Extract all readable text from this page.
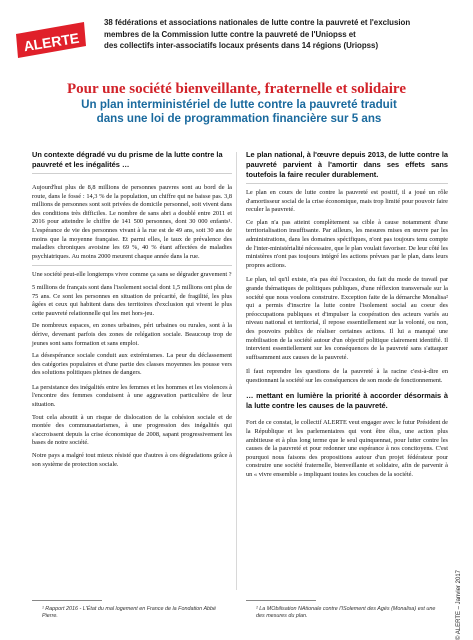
ALERTE
38 fédérations et associations nationales de lutte contre la pauvreté et l'exclusion
membres de la Commission lutte contre la pauvreté de l'Uniopss et
des collectifs inter-associatifs locaux présents dans 14 régions (Uriopss)
Pour une société bienveillante, fraternelle et solidaire
Un plan interministériel de lutte contre la pauvreté traduit
dans une loi de programmation financière sur 5 ans
Un contexte dégradé vu du prisme de la lutte contre la pauvreté et les inégalités …

Aujourd'hui plus de 8,8 millions de personnes pauvres sont au bord de la route, dans le fossé : 14,3 % de la population, un chiffre qui ne baisse pas. 3,8 millions de personnes sont soit privées de domicile personnel, soit vivent dans des conditions très difficiles. Le nombre de sans abri a doublé entre 2011 et 2016 pour atteindre le chiffre de 141 500 personnes, dont 30 000 enfants¹. L'espérance de vie des personnes vivant à la rue est de 49 ans, soit 30 ans de moins que la moyenne française. Et parmi elles, le taux de prévalence des maladies chroniques avoisine les 69 %, 40 % étant affectées de maladies psychiatriques. Au moins 2000 meurent chaque année dans la rue.

Une société peut-elle longtemps vivre comme ça sans se dégrader gravement ?

5 millions de français sont dans l'isolement social dont 1,5 millions ont plus de 75 ans. Ce sont les personnes en situation de précarité, de fragilité, les plus âgées et ceux qui habitent dans des territoires d'exclusion qui vivent le plus cette pauvreté relationnelle qui les met hors-jeu.

De nombreux espaces, en zones urbaines, péri urbaines ou rurales, sont à la dérive, devenant parfois des zones de relégation sociale. Beaucoup trop de jeunes sont sans formation et sans emploi.

La désespérance sociale conduit aux extrémismes. La peur du déclassement des catégories populaires et d'une partie des classes moyennes les pousse vers des solutions politiques pleines de dangers.

La persistance des inégalités entre les femmes et les hommes et les violences à l'encontre des femmes conduisent à une aggravation particulière de leur situation.

Tout cela aboutit à un risque de dislocation de la cohésion sociale et de montée des communautarismes, à une progression des inégalités qui s'accroissent depuis la crise économique de 2008, sapant progressivement les bases de notre société.

Notre pays a malgré tout mieux résisté que d'autres à ces dégradations grâce à son système de protection sociale.

Le plan national, à l'œuvre depuis 2013, de lutte contre la pauvreté parvient à l'amortir dans ses effets sans toutefois la faire reculer durablement.

Le plan en cours de lutte contre la pauvreté est positif, il a joué un rôle d'amortisseur social de la crise économique, mais trop limité pour pouvoir faire reculer la pauvreté.

Ce plan n'a pas atteint complètement sa cible à cause notamment d'une territorialisation insuffisante. Par ailleurs, les mesures mises en œuvre par les administrations, dans les domaines spécifiques, n'ont pas toujours tenu compte de l'inter-ministérialité nécessaire, que le plan voulait favoriser. De leur côté les ministères n'ont pas toujours intégré les actions prévues par le plan, dans leurs propres actions.

Le plan, tel qu'il existe, n'a pas été l'occasion, du fait du mode de travail par grande thématiques de politiques publiques, d'une réflexion transversale sur la société que nous voulons construire. Exception faite de la démarche Monalisa² qui a permis d'inscrire la lutte contre l'isolement social au coeur des préoccupations publiques et d'impulser la coopération des acteurs variés au niveau national et territorial, il repose essentiellement sur la volonté, ou non, des pouvoirs publics de réaliser certaines actions. Il lui a manqué une mobilisation de la société autour d'un objectif politique clairement identifié. Il intervient essentiellement sur les conséquences de la pauvreté sans s'attaquer suffisamment aux causes de la pauvreté.

Il faut reprendre les questions de la pauvreté à la racine c'est-à-dire en questionnant la société sur les conséquences de son mode de fonctionnement.

… mettant en lumière la priorité à accorder désormais à la lutte contre les causes de la pauvreté.

Fort de ce constat, le collectif ALERTE veut engager avec le futur Président de la République et les parlementaires qui vont être élus, une action plus ambitieuse et à plus long terme que le seul quinquennat, pour lutter contre les causes de la pauvreté et pour redonner une espérance à nos concitoyens. C'est pourquoi nous faisons des propositions autour d'un projet fédérateur pour construire une société fraternelle, bienveillante et solidaire, afin de parvenir à un « vivre ensemble » impliquant toutes les couches de la société.

¹ Rapport 2016 - L'État du mal logement en France de la Fondation Abbé Pierre.
² La MObilisation NAtionale contre l'ISolement des Agés (Monalisa) est une des mesures du plan.	© ALERTE – Janvier 2017
